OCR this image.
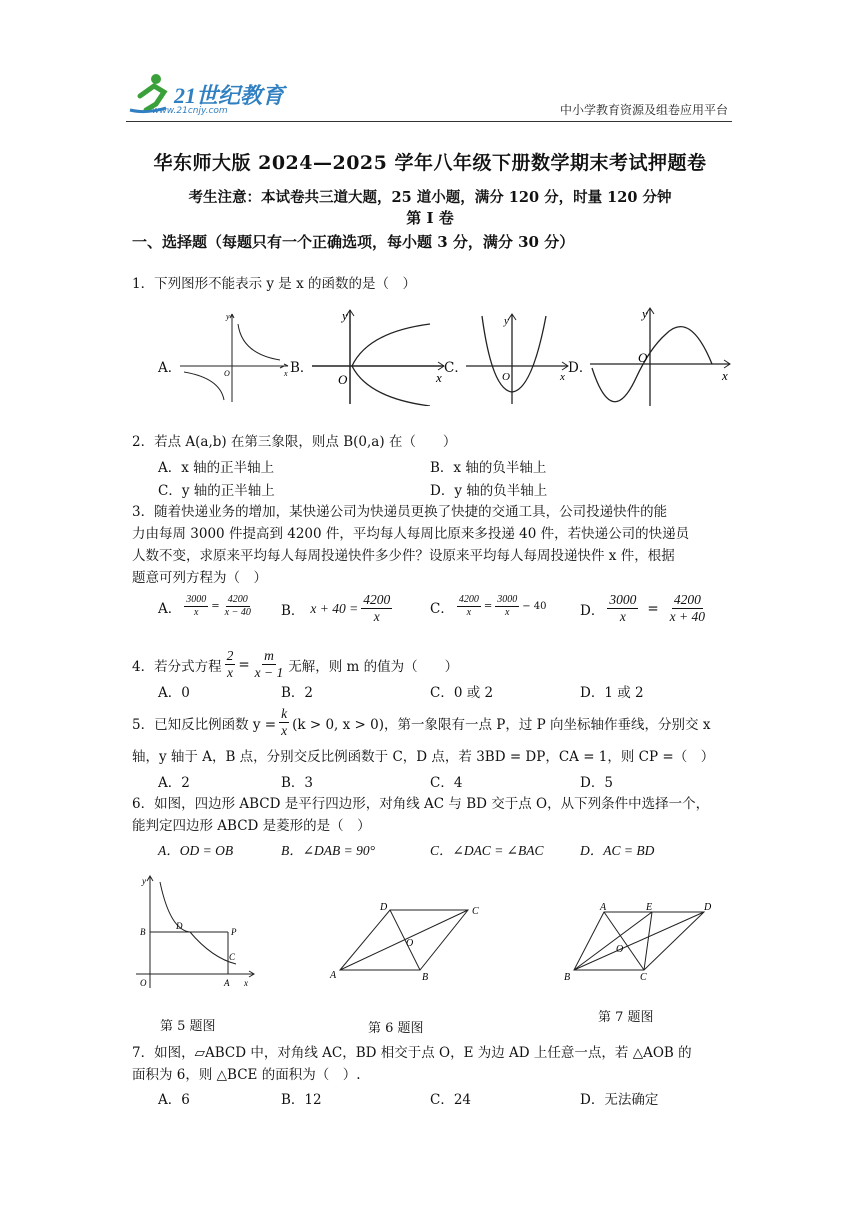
21世纪教育
www.21cnjy.com	中小学教育资源及组卷应用平台
华东师大版 2024—2025 学年八年级下册数学期末考试押题卷
考生注意：本试卷共三道大题，25 道小题，满分 120 分，时量 120 分钟
第 I 卷
一、选择题（每题只有一个正确选项，每小题 3 分，满分 30 分）
1．下列图形不能表示 y 是 x 的函数的是（　）
A．
y
x
O	B．
y
x
O
C．
y
x
O
D．
y
x
O
2．若点 A(a,b) 在第三象限，则点 B(0,a) 在（　　）
A．x 轴的正半轴上	B．x 轴的负半轴上
C．y 轴的正半轴上	D．y 轴的负半轴上
3．随着快递业务的增加，某快递公司为快递员更换了快捷的交通工具，公司投递快件的能
力由每周 3000 件提高到 4200 件，平均每人每周比原来多投递 40 件，若快递公司的快递员
人数不变，求原来平均每人每周投递快件多少件？设原来平均每人每周投递快件 x 件，根据
题意可列方程为（　）
A． $\frac{3000}{x} = \frac{4200}{x - 40}$ B． $x + 40 = \frac{4200}{x}$	C． $\frac{4200}{x} = \frac{3000}{x} - 40$ D． $\frac{3000}{x} = \frac{4200}{x + 40}$
4．若分式方程 $\frac{2}{x} = \frac{m}{x - 1}$ 无解，则 m 的值为（　　）
A．0	B．2	C．0 或 2	D．1 或 2
5．已知反比例函数 $y = \frac{k}{x} (k > 0$, x > 0)，第一象限有一点 P，过 P 向坐标轴作垂线，分别交 x
轴，y 轴于 A，B 点，分别交反比例函数于 C，D 点，若 3BD = DP，CA = 1，则 CP =（　）
A．2	B．3	C．4	D．5
6．如图，四边形 ABCD 是平行四边形，对角线 AC 与 BD 交于点 O，从下列条件中选择一个，
能判定四边形 ABCD 是菱形的是（　）
A．OD = OB	B．∠DAB = 90°	C．∠DAC = ∠BAC	D．AC = BD
y
x
O
B
D
P
C
A
A
D	C
B
O
B
A	E	D
C
O
第 5 题图	第 6 题图
第 7 题图
7．如图，▱ABCD 中，对角线 AC，BD 相交于点 O，E 为边 AD 上任意一点，若 △AOB 的
面积为 6，则 △BCE 的面积为（　）.
A．6	B．12	C．24	D．无法确定
